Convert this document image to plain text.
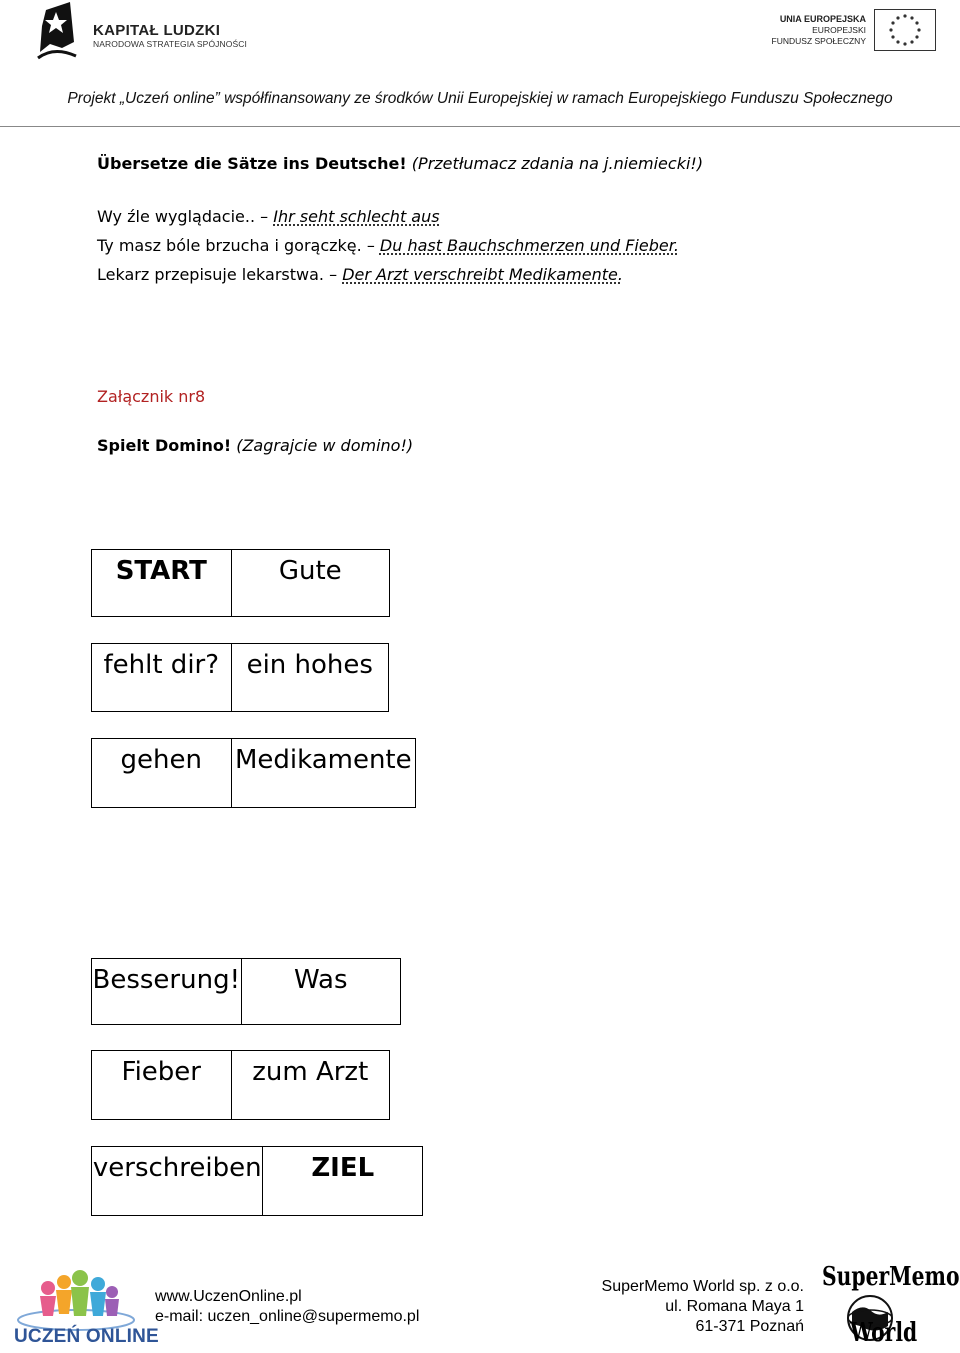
KAPITAŁ LUDZKI
NARODOWA STRATEGIA SPÓJNOŚCI
UNIA EUROPEJSKA
EUROPEJSKI
FUNDUSZ SPOŁECZNY
Projekt „Uczeń online” współfinansowany ze środków Unii Europejskiej w ramach Europejskiego Funduszu Społecznego
Übersetze die Sätze ins Deutsche! (Przetłumacz zdania na j.niemiecki!)
Wy źle wyglądacie.. – Ihr seht schlecht aus
Ty masz bóle brzucha i gorączkę. – Du hast Bauchschmerzen und Fieber.
Lekarz przepisuje lekarstwa. – Der Arzt verschreibt Medikamente.
Załącznik nr8
Spielt Domino! (Zagrajcie w domino!)
START	Gute
fehlt dir?	ein hohes
gehen	Medikamente
Besserung!	Was
Fieber	zum Arzt
verschreiben	ZIEL
UCZEŃ ONLINE
www.UczenOnline.pl
e-mail: uczen_online@supermemo.pl
SuperMemo World sp. z o.o.
ul. Romana Maya 1
61-371 Poznań
SuperMemo
World
